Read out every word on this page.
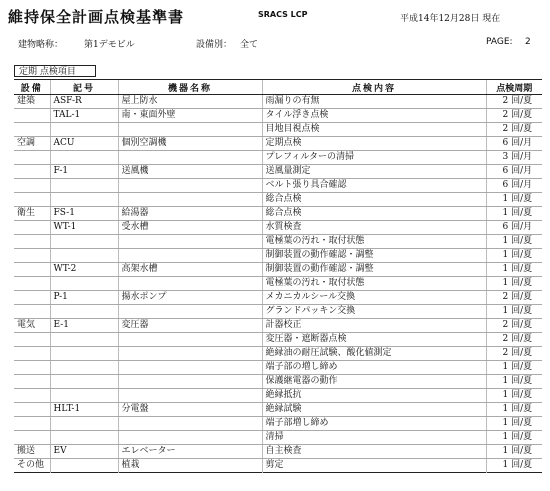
維持保全計画点検基準書	SRACS LCP	平成14年12月28日 現在
建物略称： 第1デモビル	設備別： 全て	PAGE: 2
定期 点検項目
設備	記号	機器名称	点検内容	点検周期
建築	ASF-R	屋上防水	雨漏りの有無	2 回/夏
	TAL-1	南・東面外壁	タイル浮き点検	2 回/夏
			目地目視点検	2 回/夏
空調	ACU	個別空調機	定期点検	6 回/月
			プレフィルターの清掃	3 回/月
	F-1	送風機	送風量測定	6 回/月
			ベルト張り具合確認	6 回/月
			総合点検	1 回/夏
衛生	FS-1	給湯器	総合点検	1 回/夏
	WT-1	受水槽	水質検査	6 回/月
			電極葉の汚れ・取付状態	1 回/夏
			制御装置の動作確認・調整	1 回/夏
	WT-2	高架水槽	制御装置の動作確認・調整	1 回/夏
			電極葉の汚れ・取付状態	1 回/夏
	P-1	揚水ポンプ	メカニカルシール交換	2 回/夏
			グランドパッキン交換	1 回/夏
電気	E-1	変圧器	計器校正	2 回/夏
			変圧器・遮断器点検	2 回/夏
			絶縁油の耐圧試験、酸化値測定	2 回/夏
			端子部の増し締め	1 回/夏
			保護継電器の動作	1 回/夏
			絶縁抵抗	1 回/夏
	HLT-1	分電盤	絶縁試験	1 回/夏
			端子部増し締め	1 回/夏
			清掃	1 回/夏
搬送	EV	エレベーター	自主検査	1 回/夏
その他		植栽	剪定	1 回/夏
